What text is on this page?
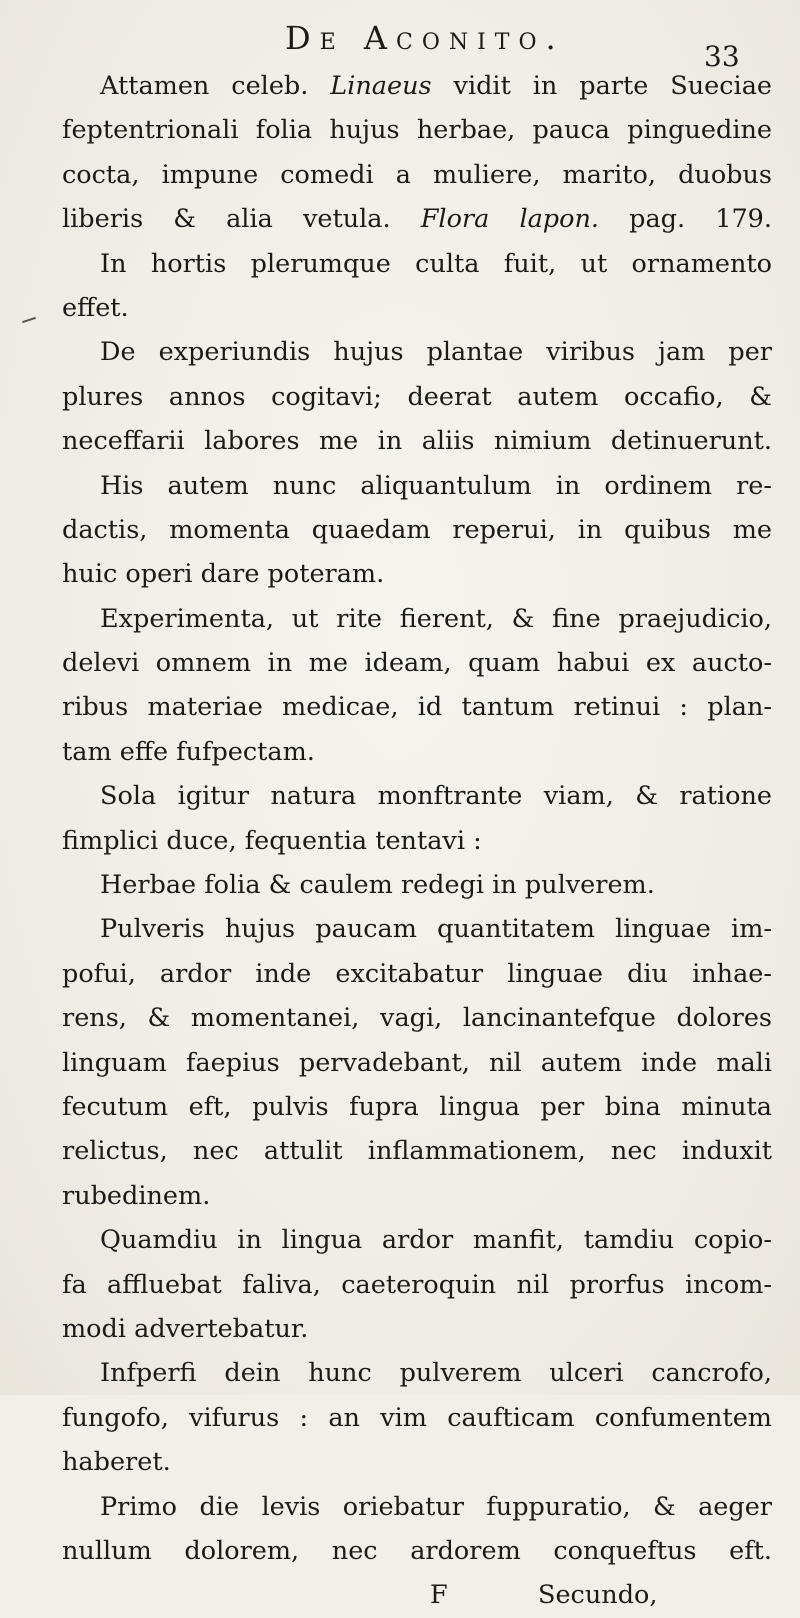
De Aconito.	33
Attamen celeb. Linaeus vidit in parte Sueciae
feptentrionali folia hujus herbae, pauca pinguedine
cocta, impune comedi a muliere, marito, duobus
liberis & alia vetula. Flora lapon. pag. 179.
In hortis plerumque culta fuit, ut ornamento
effet.
De experiundis hujus plantae viribus jam per
plures annos cogitavi; deerat autem occafio, &
neceffarii labores me in aliis nimium detinuerunt.
His autem nunc aliquantulum in ordinem re-
dactis, momenta quaedam reperui, in quibus me
huic operi dare poteram.
Experimenta, ut rite fierent, & fine praejudicio,
delevi omnem in me ideam, quam habui ex aucto-
ribus materiae medicae, id tantum retinui : plan-
tam effe fufpectam.
Sola igitur natura monftrante viam, & ratione
fimplici duce, fequentia tentavi :
Herbae folia & caulem redegi in pulverem.
Pulveris hujus paucam quantitatem linguae im-
pofui, ardor inde excitabatur linguae diu inhae-
rens, & momentanei, vagi, lancinantefque dolores
linguam faepius pervadebant, nil autem inde mali
fecutum eft, pulvis fupra lingua per bina minuta
relictus, nec attulit inflammationem, nec induxit
rubedinem.
Quamdiu in lingua ardor manfit, tamdiu copio-
fa affluebat faliva, caeteroquin nil prorfus incom-
modi advertebatur.
Infperfi dein hunc pulverem ulceri cancrofo,
fungofo, vifurus : an vim caufticam confumentem
haberet.
Primo die levis oriebatur fuppuratio, & aeger
nullum dolorem, nec ardorem conqueftus eft.
F	Secundo,
